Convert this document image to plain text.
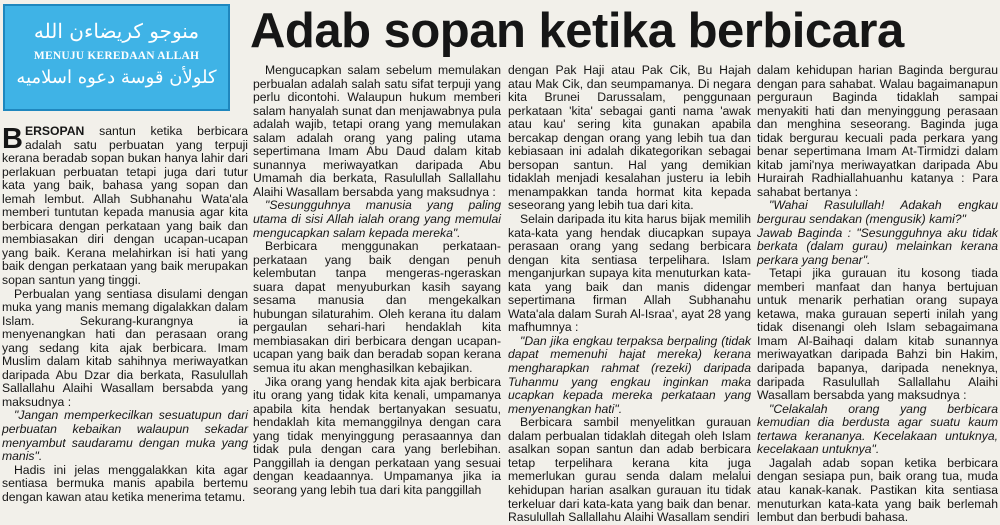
منوجو كريضاءن الله
MENUJU KEREDAAN ALLAH
كلولأن قوسة دعوه اسلاميه
Adab sopan ketika berbicara

BERSOPAN santun ketika berbicara adalah satu perbuatan yang terpuji kerana beradab sopan bukan hanya lahir dari perlakuan perbuatan tetapi juga dari tutur kata yang baik, bahasa yang sopan dan lemah lembut. Allah Subhanahu Wata'ala memberi tuntutan kepada manusia agar kita berbicara dengan perkataan yang baik dan membiasakan diri dengan ucapan-ucapan yang baik. Kerana melahirkan isi hati yang baik dengan perkataan yang baik merupakan sopan santun yang tinggi.

Perbualan yang sentiasa disulami dengan muka yang manis memang digalakkan dalam Islam. Sekurang-kurangnya ia menyenangkan hati dan perasaan orang yang sedang kita ajak berbicara. Imam Muslim dalam kitab sahihnya meriwayatkan daripada Abu Dzar dia berkata, Rasulullah Sallallahu Alaihi Wasallam bersabda yang maksudnya :

"Jangan memperkecilkan sesuatupun dari perbuatan kebaikan walaupun sekadar menyambut saudaramu dengan muka yang manis".

Hadis ini jelas menggalakkan kita agar sentiasa bermuka manis apabila bertemu dengan kawan atau ketika menerima tetamu.

Mengucapkan salam sebelum memulakan perbualan adalah salah satu sifat terpuji yang perlu dicontohi. Walaupun hukum memberi salam hanyalah sunat dan menjawabnya pula adalah wajib, tetapi orang yang memulakan salam adalah orang yang paling utama sepertimana Imam Abu Daud dalam kitab sunannya meriwayatkan daripada Abu Umamah dia berkata, Rasulullah Sallallahu Alaihi Wasallam bersabda yang maksudnya :

"Sesungguhnya manusia yang paling utama di sisi Allah ialah orang yang memulai mengucapkan salam kepada mereka".

Berbicara menggunakan perkataan-perkataan yang baik dengan penuh kelembutan tanpa mengeras-ngeraskan suara dapat menyuburkan kasih sayang sesama manusia dan mengekalkan hubungan silaturahim. Oleh kerana itu dalam pergaulan sehari-hari hendaklah kita membiasakan diri berbicara dengan ucapan-ucapan yang baik dan beradab sopan kerana semua itu akan menghasilkan kebajikan.

Jika orang yang hendak kita ajak berbicara itu orang yang tidak kita kenali, umpamanya apabila kita hendak bertanyakan sesuatu, hendaklah kita memanggilnya dengan cara yang tidak menyinggung perasaannya dan tidak pula dengan cara yang berlebihan. Panggillah ia dengan perkataan yang sesuai dengan keadaannya. Umpamanya jika ia seorang yang lebih tua dari kita panggillah

dengan Pak Haji atau Pak Cik, Bu Hajah atau Mak Cik, dan seumpamanya. Di negara kita Brunei Darussalam, penggunaan perkataan 'kita' sebagai ganti nama 'awak atau kau' sering kita gunakan apabila bercakap dengan orang yang lebih tua dan kebiasaan ini adalah dikategorikan sebagai bersopan santun. Hal yang demikian tidaklah menjadi kesalahan justeru ia lebih menampakkan tanda hormat kita kepada seseorang yang lebih tua dari kita.

Selain daripada itu kita harus bijak memilih kata-kata yang hendak diucapkan supaya perasaan orang yang sedang berbicara dengan kita sentiasa terpelihara. Islam menganjurkan supaya kita menuturkan kata-kata yang baik dan manis didengar sepertimana firman Allah Subhanahu Wata'ala dalam Surah Al-Israa', ayat 28 yang mafhumnya :

"Dan jika engkau terpaksa berpaling (tidak dapat memenuhi hajat mereka) kerana mengharapkan rahmat (rezeki) daripada Tuhanmu yang engkau inginkan maka ucapkan kepada mereka perkataan yang menyenangkan hati".

Berbicara sambil menyelitkan gurauan dalam perbualan tidaklah ditegah oleh Islam asalkan sopan santun dan adab berbicara tetap terpelihara kerana kita juga memerlukan gurau senda dalam melalui kehidupan harian asalkan gurauan itu tidak terkeluar dari kata-kata yang baik dan benar. Rasulullah Sallallahu Alaihi Wasallam sendiri

dalam kehidupan harian Baginda bergurau dengan para sahabat. Walau bagaimanapun perguraun Baginda tidaklah sampai menyakiti hati dan menyinggung perasaan dan menghina seseorang. Baginda juga tidak bergurau kecuali pada perkara yang benar sepertimana Imam At-Tirmidzi dalam kitab jami'nya meriwayatkan daripada Abu Hurairah Radhiallahuanhu katanya : Para sahabat bertanya :

"Wahai Rasulullah! Adakah engkau bergurau sendakan (mengusik) kami?"

Jawab Baginda : "Sesungguhnya aku tidak berkata (dalam gurau) melainkan kerana perkara yang benar".

Tetapi jika gurauan itu kosong tiada memberi manfaat dan hanya bertujuan untuk menarik perhatian orang supaya ketawa, maka gurauan seperti inilah yang tidak disenangi oleh Islam sebagaimana Imam Al-Baihaqi dalam kitab sunannya meriwayatkan daripada Bahzi bin Hakim, daripada bapanya, daripada neneknya, daripada Rasulullah Sallallahu Alaihi Wasallam bersabda yang maksudnya :

"Celakalah orang yang berbicara kemudian dia berdusta agar suatu kaum tertawa kerananya. Kecelakaan untuknya, kecelakaan untuknya".

Jagalah adab sopan ketika berbicara dengan sesiapa pun, baik orang tua, muda atau kanak-kanak. Pastikan kita sentiasa menuturkan kata-kata yang baik berlemah lembut dan berbudi bahasa.
